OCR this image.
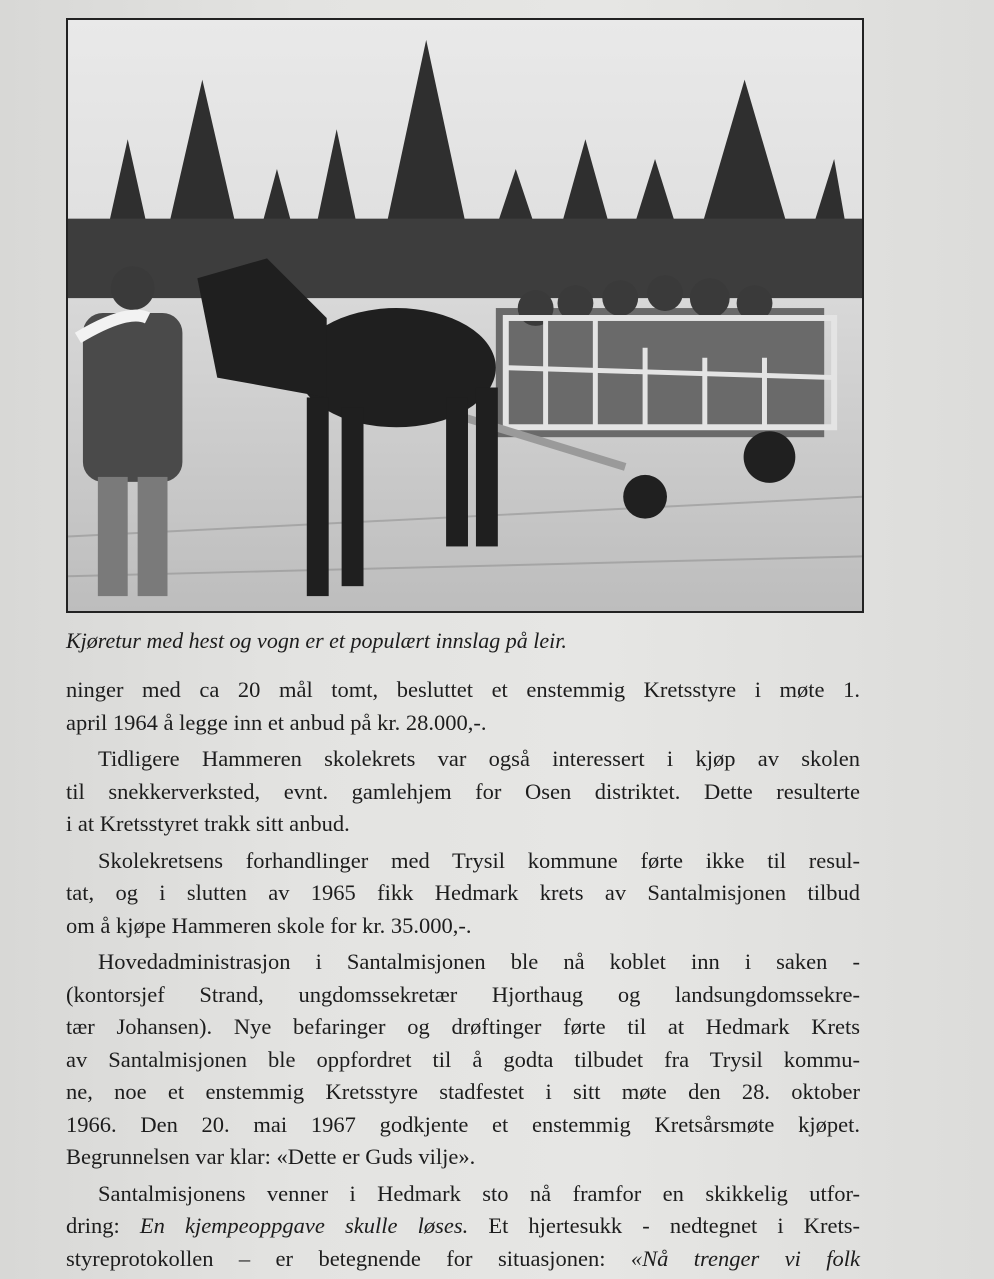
Kjøretur med hest og vogn er et populært innslag på leir.
ninger med ca 20 mål tomt, besluttet et enstemmig Kretsstyre i møte 1.
april 1964 å legge inn et anbud på kr. 28.000,-.
Tidligere Hammeren skolekrets var også interessert i kjøp av skolen
til snekkerverksted, evnt. gamlehjem for Osen distriktet. Dette resulterte
i at Kretsstyret trakk sitt anbud.
Skolekretsens forhandlinger med Trysil kommune førte ikke til resul-
tat, og i slutten av 1965 fikk Hedmark krets av Santalmisjonen tilbud
om å kjøpe Hammeren skole for kr. 35.000,-.
Hovedadministrasjon i Santalmisjonen ble nå koblet inn i saken -
(kontorsjef Strand, ungdomssekretær Hjorthaug og landsungdomssekre-
tær Johansen). Nye befaringer og drøftinger førte til at Hedmark Krets
av Santalmisjonen ble oppfordret til å godta tilbudet fra Trysil kommu-
ne, noe et enstemmig Kretsstyre stadfestet i sitt møte den 28. oktober
1966. Den 20. mai 1967 godkjente et enstemmig Kretsårsmøte kjøpet.
Begrunnelsen var klar: «Dette er Guds vilje».
Santalmisjonens venner i Hedmark sto nå framfor en skikkelig utfor-
dring: En kjempeoppgave skulle løses. Et hjertesukk - nedtegnet i Krets-
styreprotokollen – er betegnende for situasjonen: «Nå trenger vi folk
